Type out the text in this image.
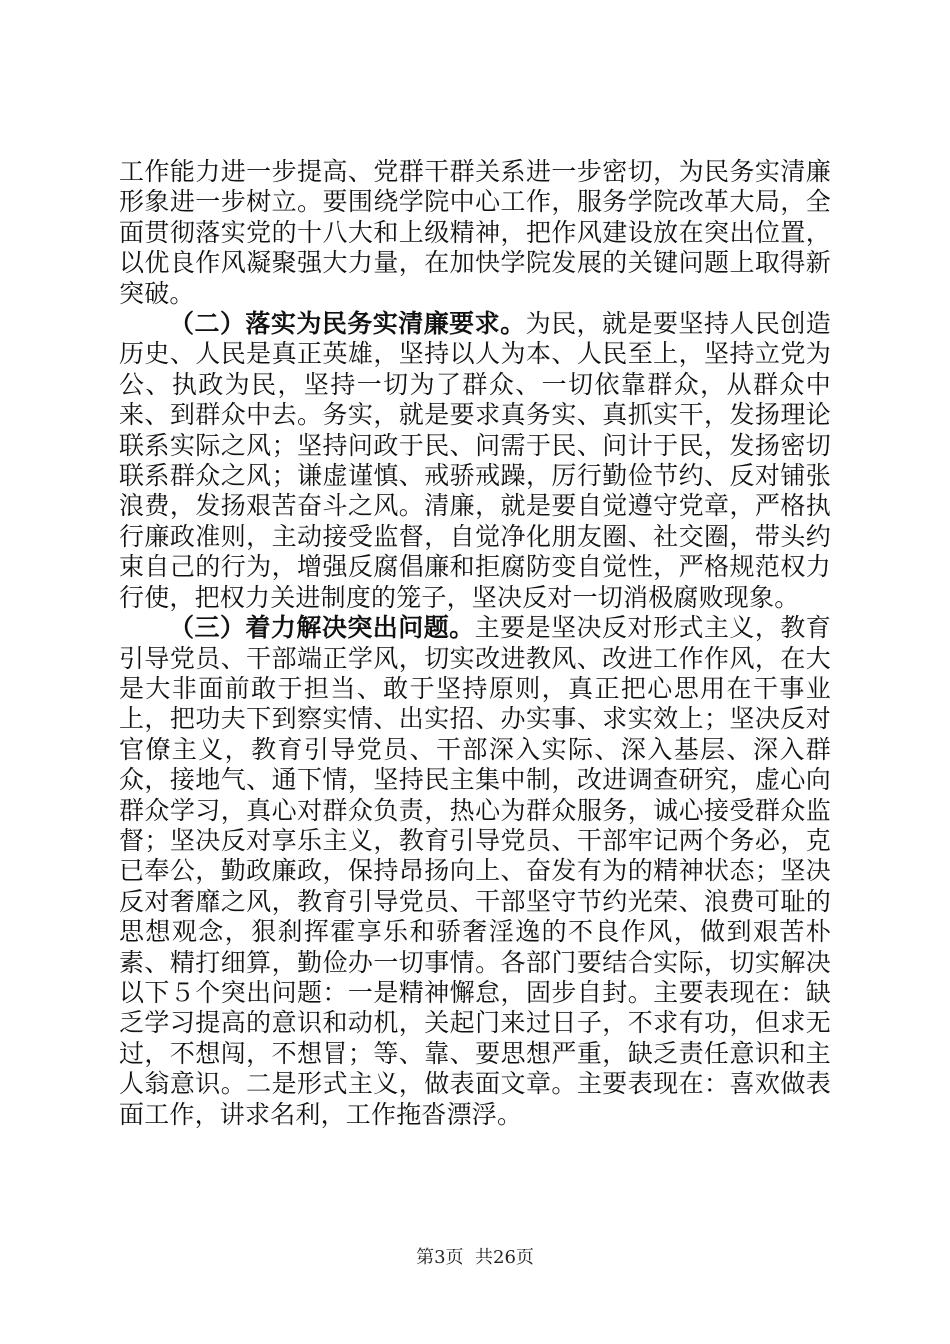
工作能力进一步提高、党群干群关系进一步密切，为民务实清廉形象进一步树立。要围绕学院中心工作，服务学院改革大局，全面贯彻落实党的十八大和上级精神，把作风建设放在突出位置，以优良作风凝聚强大力量，在加快学院发展的关键问题上取得新突破。

（二）落实为民务实清廉要求。为民，就是要坚持人民创造历史、人民是真正英雄，坚持以人为本、人民至上，坚持立党为公、执政为民，坚持一切为了群众、一切依靠群众，从群众中来、到群众中去。务实，就是要求真务实、真抓实干，发扬理论联系实际之风；坚持问政于民、问需于民、问计于民，发扬密切联系群众之风；谦虚谨慎、戒骄戒躁，厉行勤俭节约、反对铺张浪费，发扬艰苦奋斗之风。清廉，就是要自觉遵守党章，严格执行廉政准则，主动接受监督，自觉净化朋友圈、社交圈，带头约束自己的行为，增强反腐倡廉和拒腐防变自觉性，严格规范权力行使，把权力关进制度的笼子，坚决反对一切消极腐败现象。

（三）着力解决突出问题。主要是坚决反对形式主义，教育引导党员、干部端正学风，切实改进教风、改进工作作风，在大是大非面前敢于担当、敢于坚持原则，真正把心思用在干事业上，把功夫下到察实情、出实招、办实事、求实效上；坚决反对官僚主义，教育引导党员、干部深入实际、深入基层、深入群众，接地气、通下情，坚持民主集中制，改进调查研究，虚心向群众学习，真心对群众负责，热心为群众服务，诚心接受群众监督；坚决反对享乐主义，教育引导党员、干部牢记两个务必，克已奉公，勤政廉政，保持昂扬向上、奋发有为的精神状态；坚决反对奢靡之风，教育引导党员、干部坚守节约光荣、浪费可耻的思想观念，狠刹挥霍享乐和骄奢淫逸的不良作风，做到艰苦朴素、精打细算，勤俭办一切事情。各部门要结合实际，切实解决以下５个突出问题：一是精神懈怠，固步自封。主要表现在：缺乏学习提高的意识和动机，关起门来过日子，不求有功，但求无过，不想闯，不想冒；等、靠、要思想严重，缺乏责任意识和主人翁意识。二是形式主义，做表面文章。主要表现在：喜欢做表面工作，讲求名利，工作拖沓漂浮。

第3页  共26页
